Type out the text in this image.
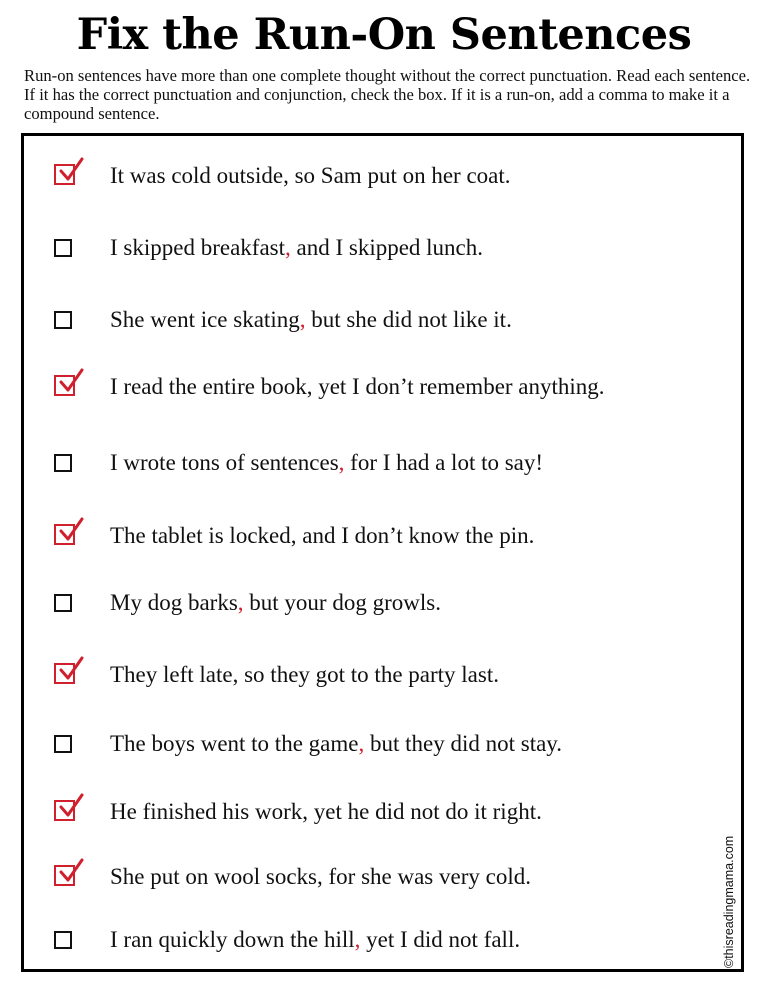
Fix the Run-On Sentences
Run-on sentences have more than one complete thought without the correct punctuation. Read each sentence. If it has the correct punctuation and conjunction, check the box. If it is a run-on, add a comma to make it a compound sentence.
It was cold outside, so Sam put on her coat.
I skipped breakfast, and I skipped lunch.
She went ice skating, but she did not like it.
I read the entire book, yet I don’t remember anything.
I wrote tons of sentences, for I had a lot to say!
The tablet is locked, and I don’t know the pin.
My dog barks, but your dog growls.
They left late, so they got to the party last.
The boys went to the game, but they did not stay.
He finished his work, yet he did not do it right.
She put on wool socks, for she was very cold.
I ran quickly down the hill, yet I did not fall.	©thisreadingmama.com
